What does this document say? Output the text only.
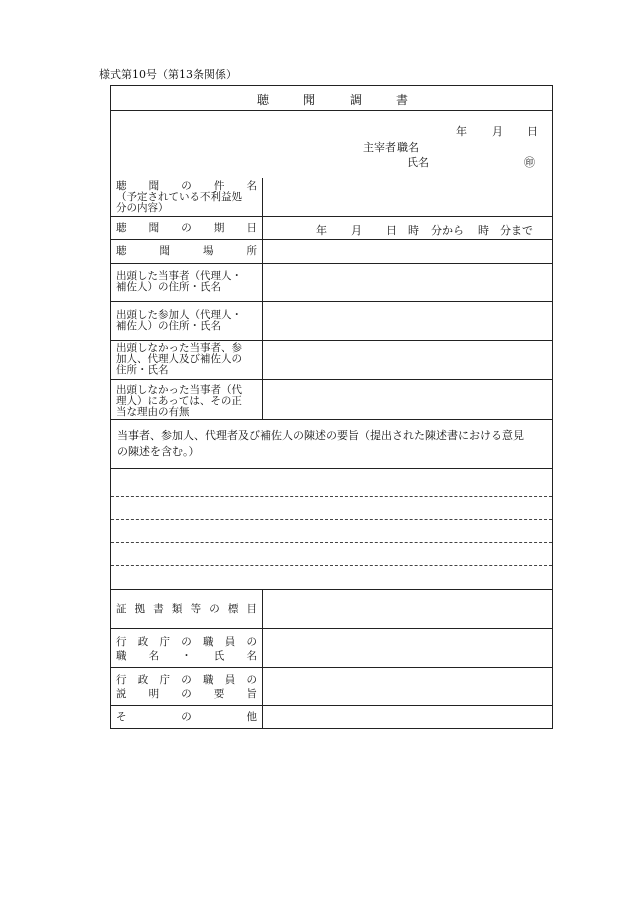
様式第10号（第13条関係）
聴	聞	調	書
年 月 日
主宰者 職名
氏名	㊞
聴 聞 の 件 名
（予定されている不利益処
分の内容）
聴 聞 の 期 日	年 月 日 時 分から 時 分まで
聴	聞	場	所
出頭した当事者（代理人・
補佐人）の住所・氏名
出頭した参加人（代理人・
補佐人）の住所・氏名
出頭しなかった当事者、参
加人、代理人及び補佐人の
住所・氏名
出頭しなかった当事者（代
理人）にあっては、その正
当な理由の有無
当事者、参加人、代理者及び補佐人の陳述の要旨（提出された陳述書における意見
の陳述を含む。）
証 拠 書 類 等 の 標 目
行 政 庁 の 職 員 の
職 名 ・ 氏 名
行 政 庁 の 職 員 の
説 明 の 要 旨
そ	の	他
